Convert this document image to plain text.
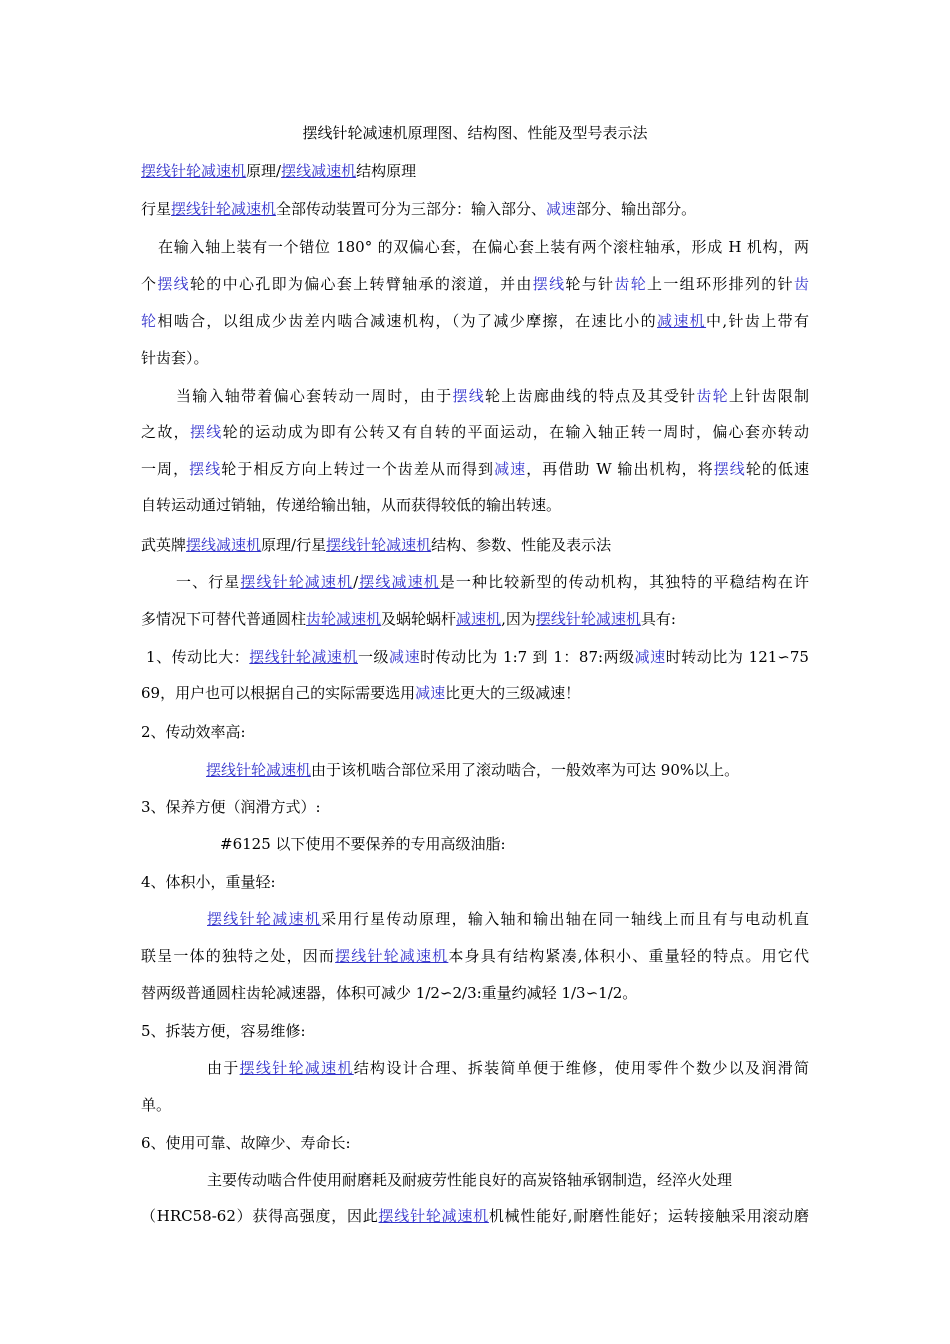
摆线针轮减速机原理图、结构图、性能及型号表示法
摆线针轮减速机原理/摆线减速机结构原理
行星摆线针轮减速机全部传动装置可分为三部分：输入部分、减速部分、输出部分。
在输入轴上装有一个错位 180° 的双偏心套，在偏心套上装有两个滚柱轴承，形成 H 机构，两
个摆线轮的中心孔即为偏心套上转臂轴承的滚道，并由摆线轮与针齿轮上一组环形排列的针齿
轮相啮合，以组成少齿差内啮合减速机构，（为了减少摩擦，在速比小的减速机中,针齿上带有
针齿套）。
当输入轴带着偏心套转动一周时，由于摆线轮上齿廊曲线的特点及其受针齿轮上针齿限制
之故，摆线轮的运动成为即有公转又有自转的平面运动，在输入轴正转一周时，偏心套亦转动
一周，摆线轮于相反方向上转过一个齿差从而得到减速，再借助 W 输出机构，将摆线轮的低速
自转运动通过销轴，传递给输出轴，从而获得较低的输出转速。
武英牌摆线减速机原理/行星摆线针轮减速机结构、参数、性能及表示法
一、行星摆线针轮减速机/摆线减速机是一种比较新型的传动机构，其独特的平稳结构在许
多情况下可替代普通圆柱齿轮减速机及蜗轮蜗杆减速机,因为摆线针轮减速机具有:
1、传动比大：摆线针轮减速机一级减速时传动比为 1:7 到 1：87:两级减速时转动比为 121∽75
69，用户也可以根据自己的实际需要选用减速比更大的三级减速！
2、传动效率高:
摆线针轮减速机由于该机啮合部位采用了滚动啮合，一般效率为可达 90%以上。
3、保养方便（润滑方式）:
#6125 以下使用不要保养的专用高级油脂:
4、体积小，重量轻:
摆线针轮减速机采用行星传动原理，输入轴和输出轴在同一轴线上而且有与电动机直
联呈一体的独特之处，因而摆线针轮减速机本身具有结构紧凑,体积小、重量轻的特点。用它代
替两级普通圆柱齿轮减速器，体积可减少 1/2∽2/3:重量约减轻 1/3∽1/2。
5、拆装方便，容易维修:
由于摆线针轮减速机结构设计合理、拆装简单便于维修，使用零件个数少以及润滑简
单。
6、使用可靠、故障少、寿命长:
主要传动啮合件使用耐磨耗及耐疲劳性能良好的高炭铬轴承钢制造，经淬火处理
（HRC58-62）获得高强度，因此摆线针轮减速机机械性能好,耐磨性能好；运转接触采用滚动磨
